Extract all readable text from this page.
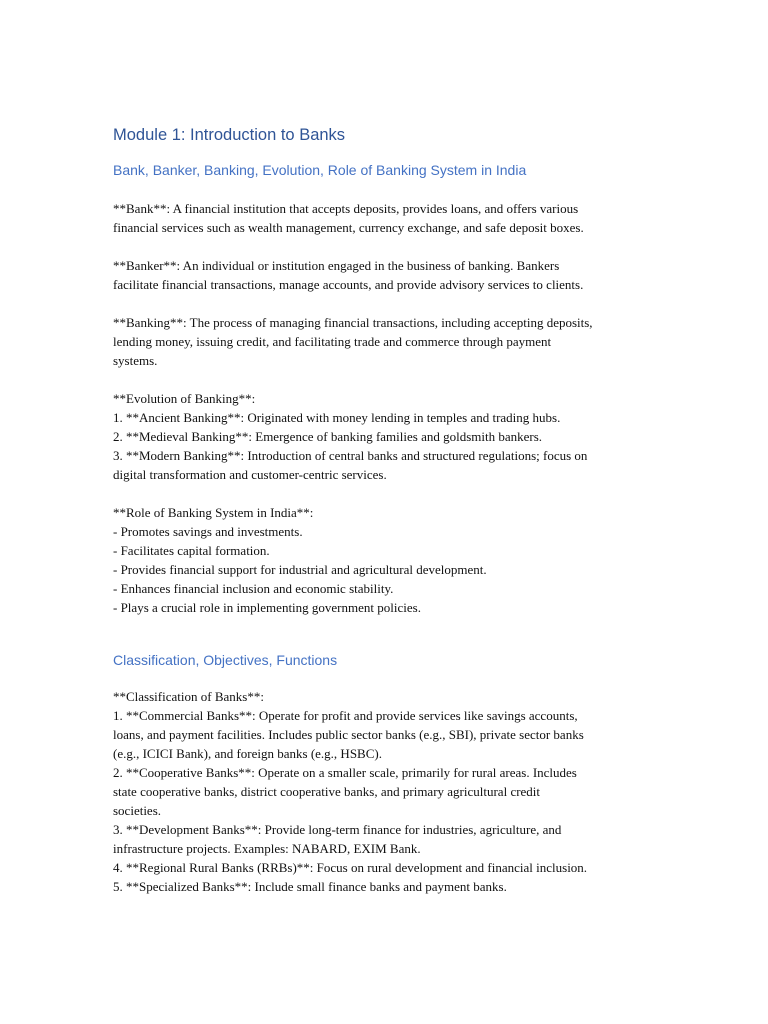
Module 1: Introduction to Banks
Bank, Banker, Banking, Evolution, Role of Banking System in India
**Bank**: A financial institution that accepts deposits, provides loans, and offers various
financial services such as wealth management, currency exchange, and safe deposit boxes.
**Banker**: An individual or institution engaged in the business of banking. Bankers
facilitate financial transactions, manage accounts, and provide advisory services to clients.
**Banking**: The process of managing financial transactions, including accepting deposits,
lending money, issuing credit, and facilitating trade and commerce through payment
systems.
**Evolution of Banking**:
1. **Ancient Banking**: Originated with money lending in temples and trading hubs.
2. **Medieval Banking**: Emergence of banking families and goldsmith bankers.
3. **Modern Banking**: Introduction of central banks and structured regulations; focus on
digital transformation and customer-centric services.
**Role of Banking System in India**:
- Promotes savings and investments.
- Facilitates capital formation.
- Provides financial support for industrial and agricultural development.
- Enhances financial inclusion and economic stability.
- Plays a crucial role in implementing government policies.
Classification, Objectives, Functions
**Classification of Banks**:
1. **Commercial Banks**: Operate for profit and provide services like savings accounts,
loans, and payment facilities. Includes public sector banks (e.g., SBI), private sector banks
(e.g., ICICI Bank), and foreign banks (e.g., HSBC).
2. **Cooperative Banks**: Operate on a smaller scale, primarily for rural areas. Includes
state cooperative banks, district cooperative banks, and primary agricultural credit
societies.
3. **Development Banks**: Provide long-term finance for industries, agriculture, and
infrastructure projects. Examples: NABARD, EXIM Bank.
4. **Regional Rural Banks (RRBs)**: Focus on rural development and financial inclusion.
5. **Specialized Banks**: Include small finance banks and payment banks.
